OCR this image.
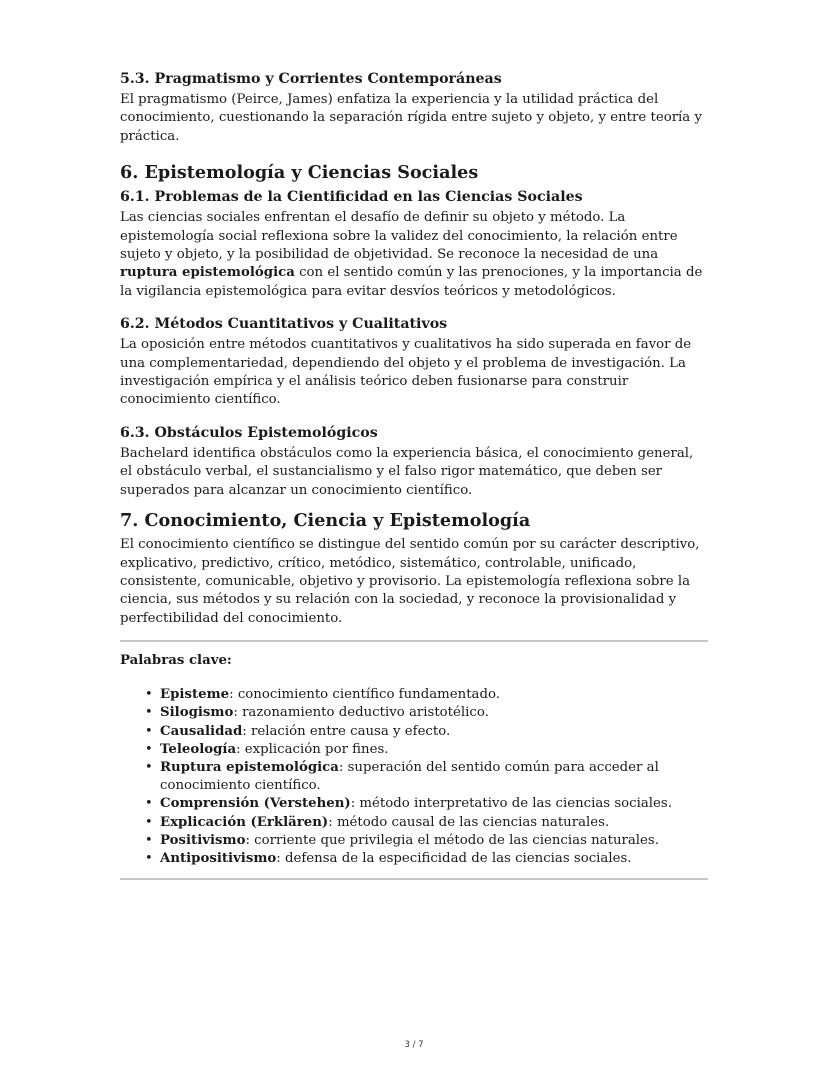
5.3. Pragmatismo y Corrientes Contemporáneas

El pragmatismo (Peirce, James) enfatiza la experiencia y la utilidad práctica del conocimiento, cuestionando la separación rígida entre sujeto y objeto, y entre teoría y práctica.

6. Epistemología y Ciencias Sociales
6.1. Problemas de la Cientificidad en las Ciencias Sociales

Las ciencias sociales enfrentan el desafío de definir su objeto y método. La epistemología social reflexiona sobre la validez del conocimiento, la relación entre sujeto y objeto, y la posibilidad de objetividad. Se reconoce la necesidad de una ruptura epistemológica con el sentido común y las prenociones, y la importancia de la vigilancia epistemológica para evitar desvíos teóricos y metodológicos.

6.2. Métodos Cuantitativos y Cualitativos

La oposición entre métodos cuantitativos y cualitativos ha sido superada en favor de una complementariedad, dependiendo del objeto y el problema de investigación. La investigación empírica y el análisis teórico deben fusionarse para construir conocimiento científico.

6.3. Obstáculos Epistemológicos

Bachelard identifica obstáculos como la experiencia básica, el conocimiento general, el obstáculo verbal, el sustancialismo y el falso rigor matemático, que deben ser superados para alcanzar un conocimiento científico.

7. Conocimiento, Ciencia y Epistemología

El conocimiento científico se distingue del sentido común por su carácter descriptivo, explicativo, predictivo, crítico, metódico, sistemático, controlable, unificado, consistente, comunicable, objetivo y provisorio. La epistemología reflexiona sobre la ciencia, sus métodos y su relación con la sociedad, y reconoce la provisionalidad y perfectibilidad del conocimiento.

Palabras clave:
• Episteme: conocimiento científico fundamentado.
• Silogismo: razonamiento deductivo aristotélico.
• Causalidad: relación entre causa y efecto.
• Teleología: explicación por fines.
• Ruptura epistemológica: superación del sentido común para acceder al conocimiento científico.
• Comprensión (Verstehen): método interpretativo de las ciencias sociales.
• Explicación (Erklären): método causal de las ciencias naturales.
• Positivismo: corriente que privilegia el método de las ciencias naturales.
• Antipositivismo: defensa de la especificidad de las ciencias sociales.
3 / 7
